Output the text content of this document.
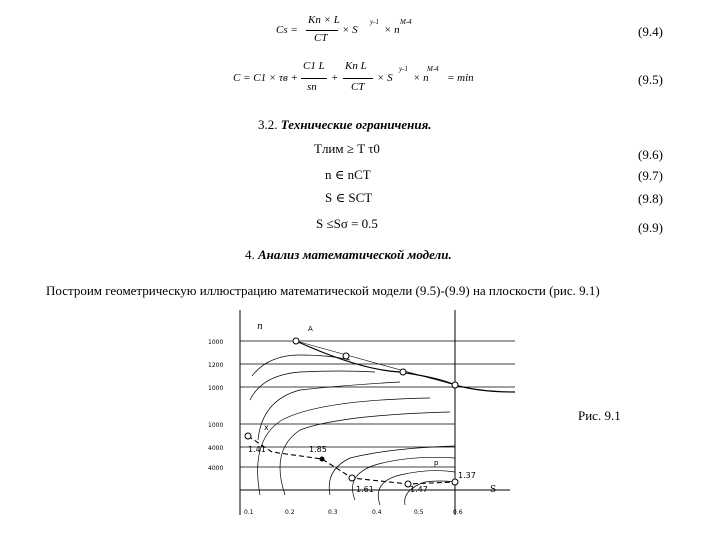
Cs =
Kп × L
CT
× S
y-1
× n
M-4
(9.4)
C = C1 × τв +
C1 L
sn
+
Kп L
CT
× S
y-1
× n
M-4
= min	(9.5)
3.2. Технические ограничения.
Tлим ≥ T τ0	(9.6)
n ∈ nСТ	(9.7)
S ∈ SСТ	(9.8)
S ≤Sσ = 0.5	(9.9)
4. Анализ математической модели.
Построим геометрическую иллюстрацию математической модели (9.5)-(9.9) на плоскости (рис. 9.1)
Рис. 9.1
n
S
1000
1200
1000
1000
4000
4000
0.1	0.2	0.3	0.4	0.5	0.6
1.41	1.85
1.61	1.47
1.37
A
x
p
